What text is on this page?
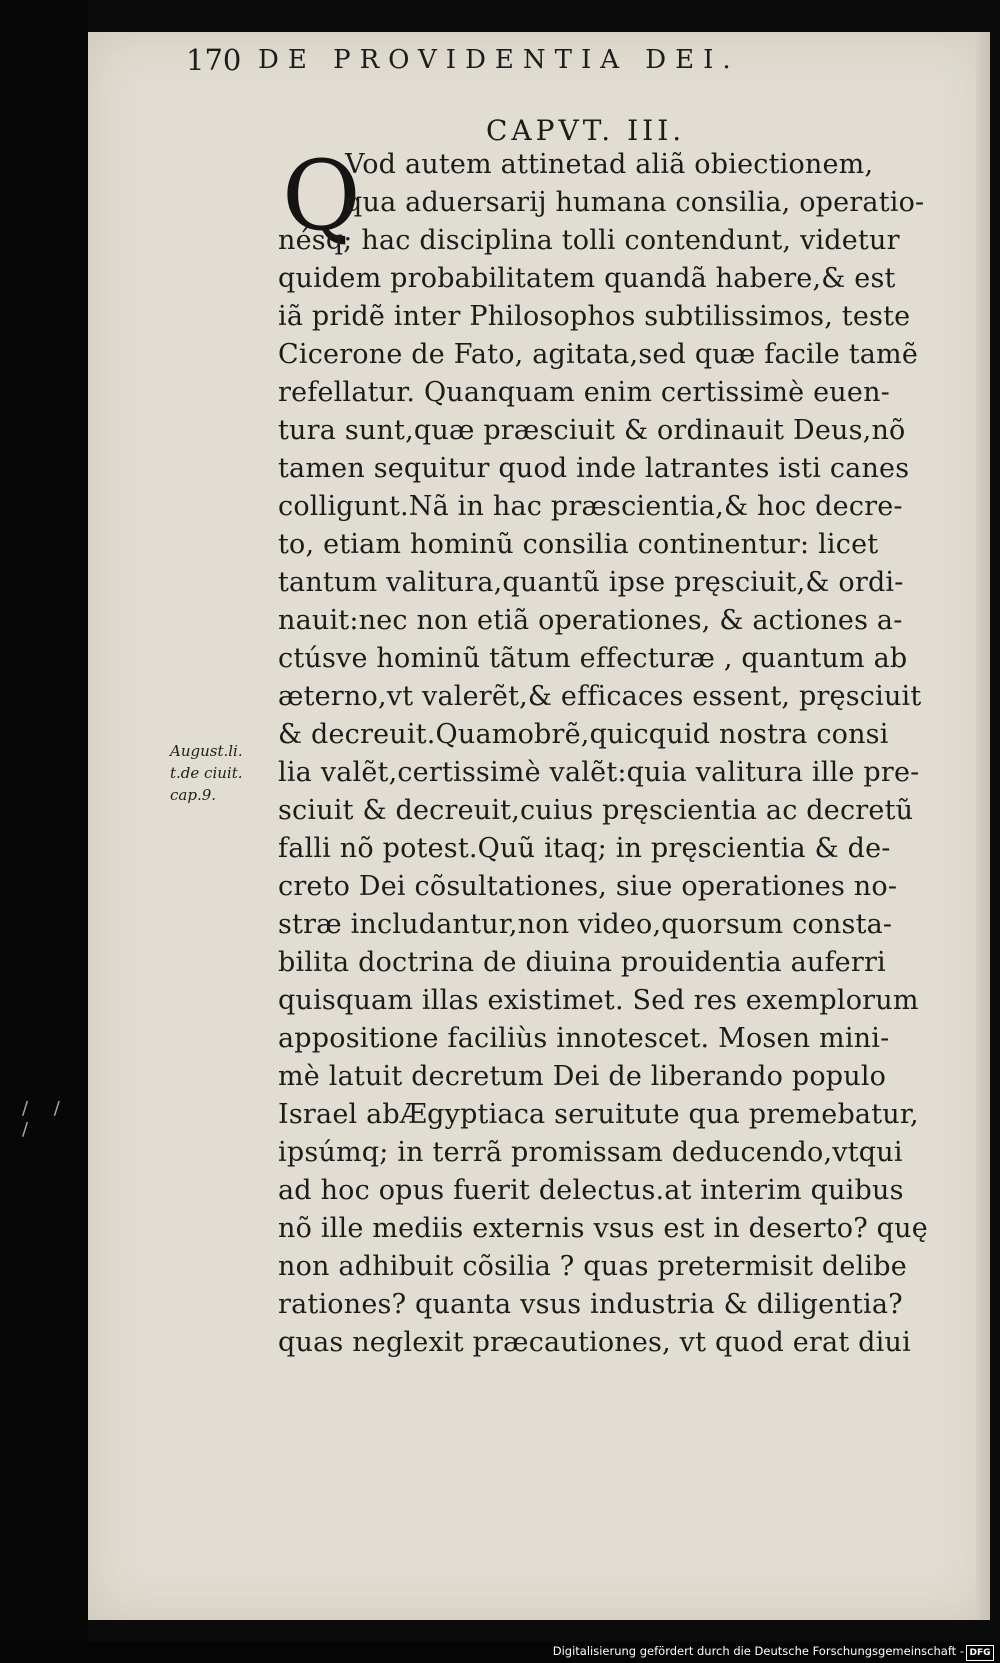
/ / /
170 DE PROVIDENTIA DEI.
CAPVT. III.
Q
Vod autem attinetad aliã obiectionem,
qua aduersarij humana consilia, operatio-
nésq; hac disciplina tolli contendunt, videtur
quidem probabilitatem quandã habere,& est
iã pridẽ inter Philosophos subtilissimos, teste
Cicerone de Fato, agitata,sed quæ facile tamẽ
refellatur. Quanquam enim certissimè euen-
tura sunt,quæ præsciuit & ordinauit Deus,nõ
tamen sequitur quod inde latrantes isti canes
colligunt.Nã in hac præscientia,& hoc decre-
to, etiam hominũ consilia continentur: licet
tantum valitura,quantũ ipse pręsciuit,& ordi-
nauit:nec non etiã operationes, & actiones a-
ctúsve hominũ tãtum effecturæ , quantum ab
æterno,vt valerẽt,& efficaces essent, pręsciuit
& decreuit.Quamobrẽ,quicquid nostra consi
lia valẽt,certissimè valẽt:quia valitura ille pre-
sciuit & decreuit,cuius pręscientia ac decretũ
falli nõ potest.Quũ itaq; in pręscientia & de-
creto Dei cõsultationes, siue operationes no-
stræ includantur,non video,quorsum consta-
bilita doctrina de diuina prouidentia auferri
quisquam illas existimet. Sed res exemplorum
appositione faciliùs innotescet. Mosen mini-
mè latuit decretum Dei de liberando populo
Israel abÆgyptiaca seruitute qua premebatur,
ipsúmq; in terrã promissam deducendo,vtqui
ad hoc opus fuerit delectus.at interim quibus
nõ ille mediis externis vsus est in deserto? quę
non adhibuit cõsilia ? quas pretermisit delibe
rationes? quanta vsus industria & diligentia?
quas neglexit præcautiones, vt quod erat diui
August.li.
t.de ciuit.
cap.9.
Digitalisierung gefördert durch die Deutsche Forschungsgemeinschaft - DFG
